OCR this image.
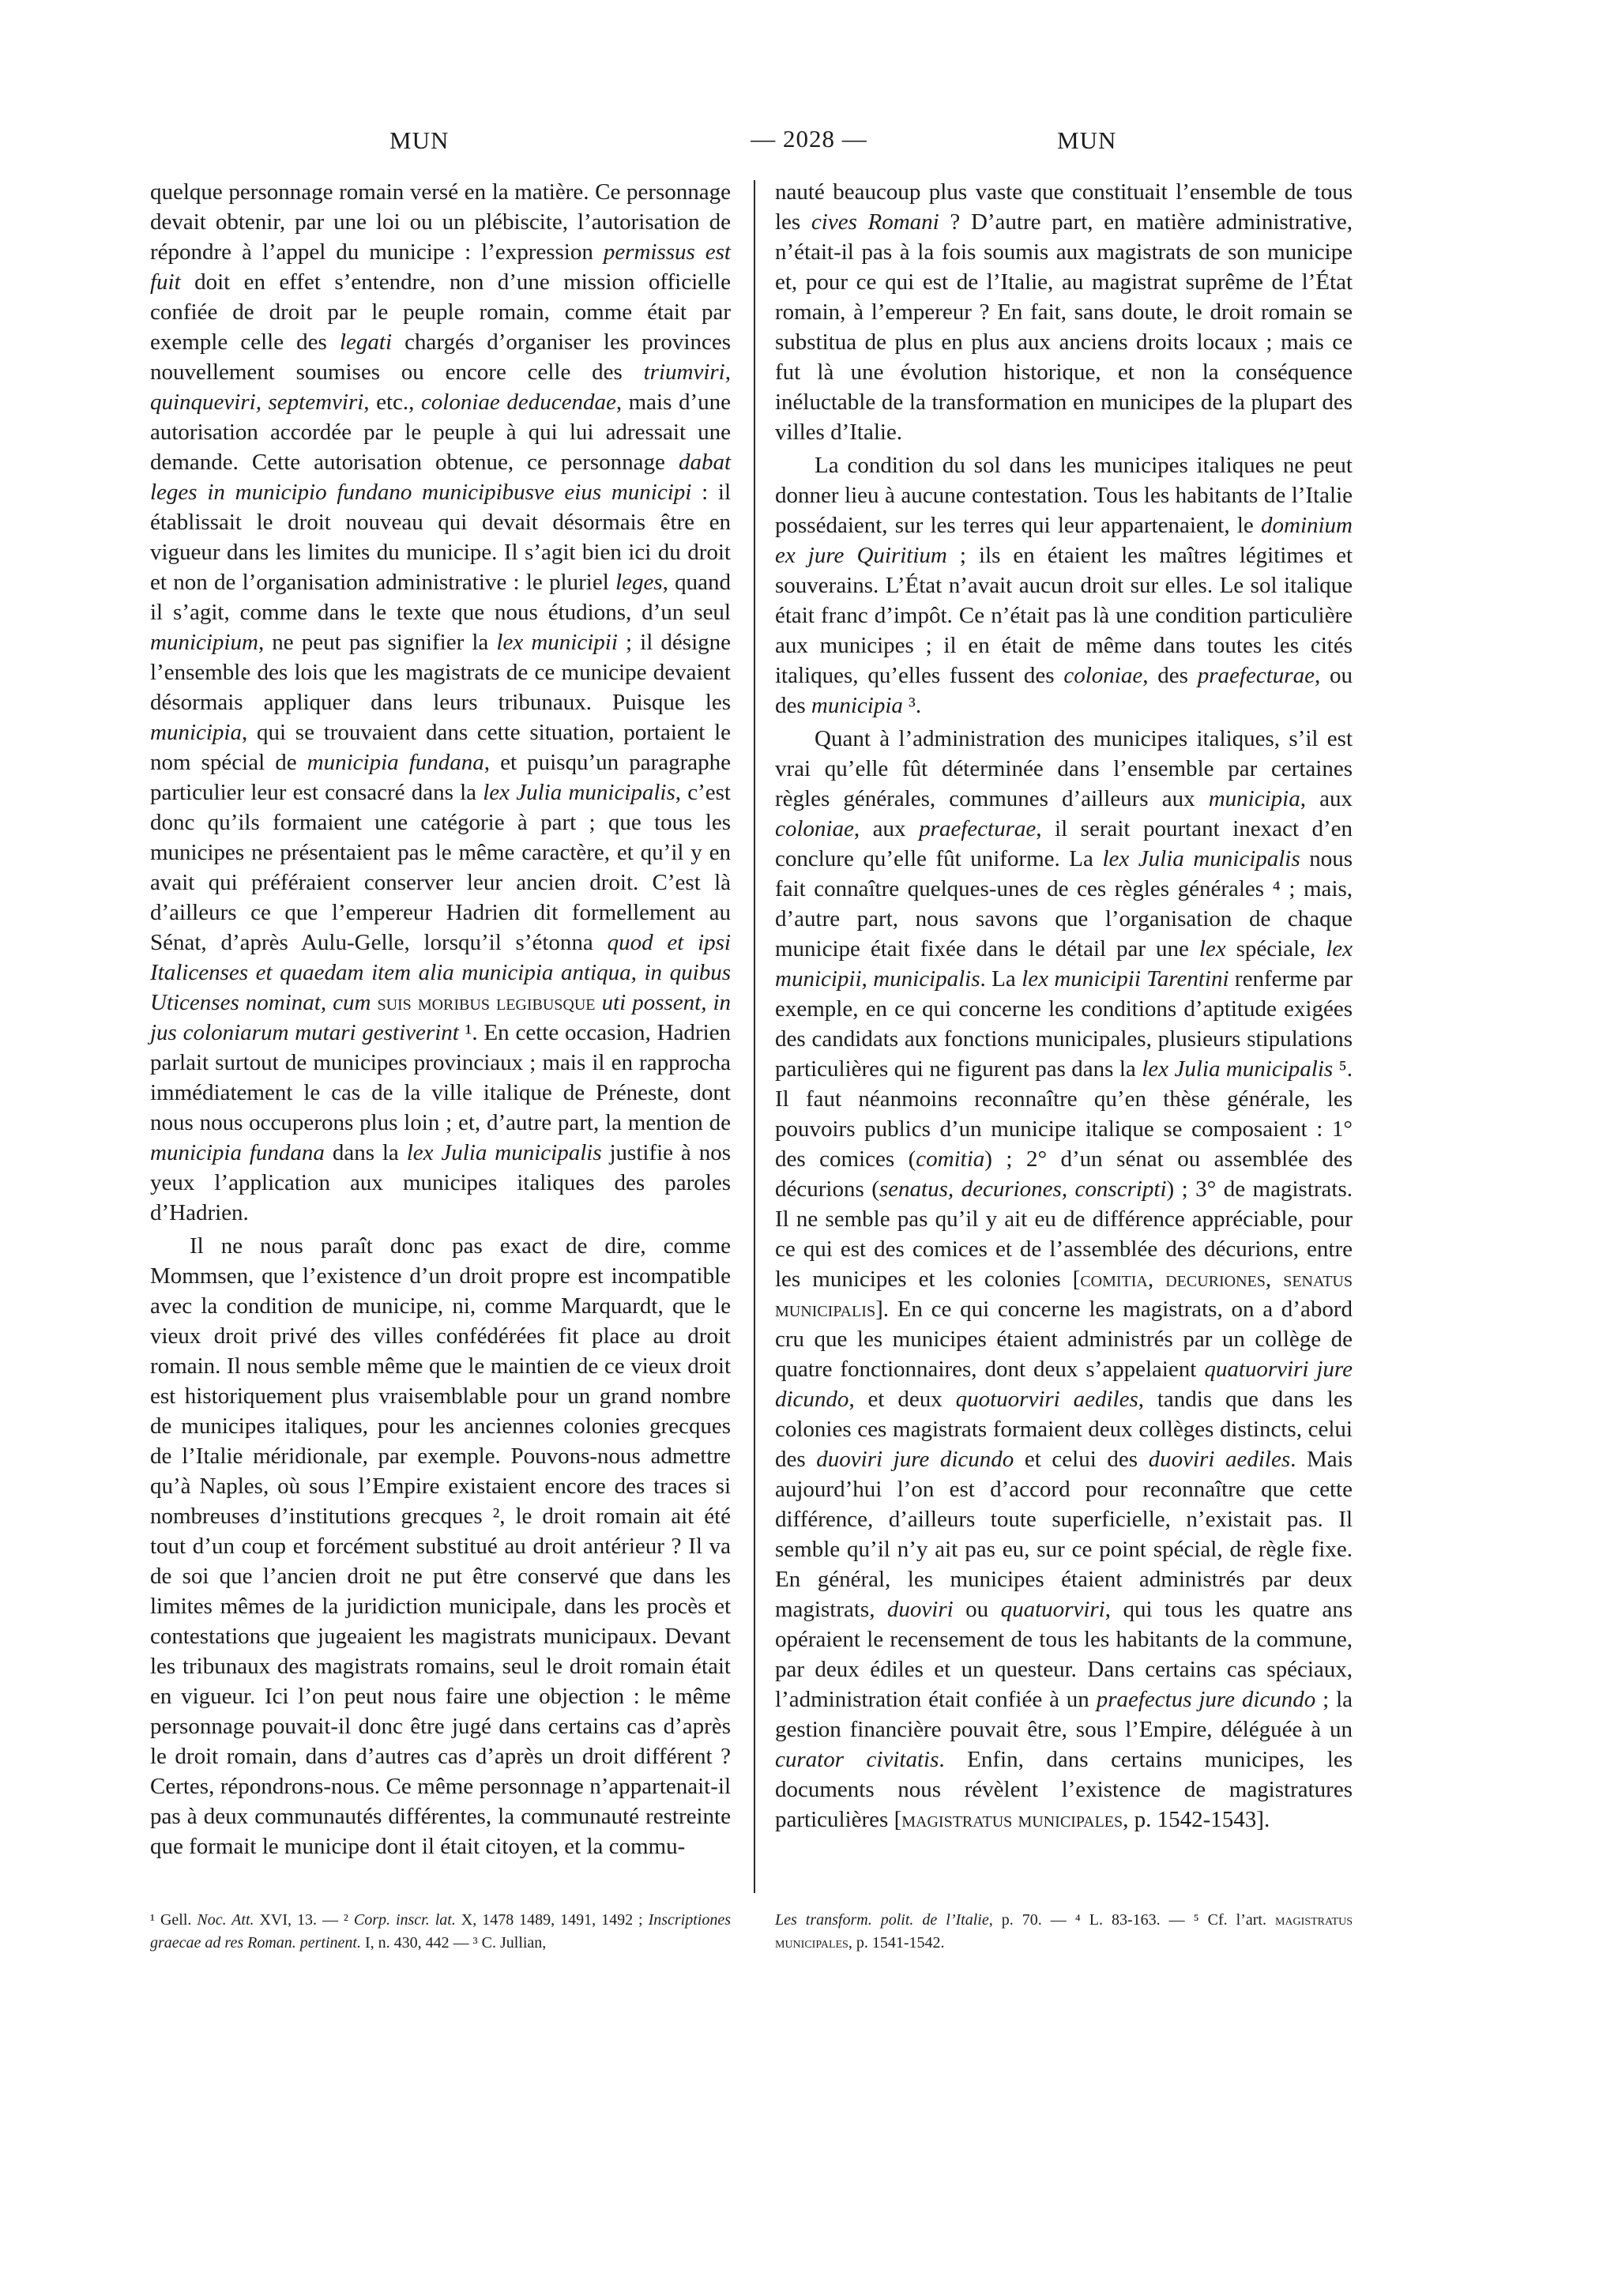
MUN	— 2028 —	MUN

quelque personnage romain versé en la matière. Ce personnage devait obtenir, par une loi ou un plébiscite, l’autorisation de répondre à l’appel du municipe : l’expression permissus est fuit doit en effet s’entendre, non d’une mission officielle confiée de droit par le peuple romain, comme était par exemple celle des legati chargés d’organiser les provinces nouvellement soumises ou encore celle des triumviri, quinqueviri, septemviri, etc., coloniae deducendae, mais d’une autorisation accordée par le peuple à qui lui adressait une demande. Cette autorisation obtenue, ce personnage dabat leges in municipio fundano municipibusve eius municipi : il établissait le droit nouveau qui devait désormais être en vigueur dans les limites du municipe. Il s’agit bien ici du droit et non de l’organisation administrative : le pluriel leges, quand il s’agit, comme dans le texte que nous étudions, d’un seul municipium, ne peut pas signifier la lex municipii ; il désigne l’ensemble des lois que les magistrats de ce municipe devaient désormais appliquer dans leurs tribunaux. Puisque les municipia, qui se trouvaient dans cette situation, portaient le nom spécial de municipia fundana, et puisqu’un paragraphe particulier leur est consacré dans la lex Julia municipalis, c’est donc qu’ils formaient une catégorie à part ; que tous les municipes ne présentaient pas le même caractère, et qu’il y en avait qui préféraient conserver leur ancien droit. C’est là d’ailleurs ce que l’empereur Hadrien dit formellement au Sénat, d’après Aulu-Gelle, lorsqu’il s’étonna quod et ipsi Italicenses et quaedam item alia municipia antiqua, in quibus Uticenses nominat, cum suis moribus legibusque uti possent, in jus coloniarum mutari gestiverint ¹. En cette occasion, Hadrien parlait surtout de municipes provinciaux ; mais il en rapprocha immédiatement le cas de la ville italique de Préneste, dont nous nous occuperons plus loin ; et, d’autre part, la mention de municipia fundana dans la lex Julia municipalis justifie à nos yeux l’application aux municipes italiques des paroles d’Hadrien.

Il ne nous paraît donc pas exact de dire, comme Mommsen, que l’existence d’un droit propre est incompatible avec la condition de municipe, ni, comme Marquardt, que le vieux droit privé des villes confédérées fit place au droit romain. Il nous semble même que le maintien de ce vieux droit est historiquement plus vraisemblable pour un grand nombre de municipes italiques, pour les anciennes colonies grecques de l’Italie méridionale, par exemple. Pouvons-nous admettre qu’à Naples, où sous l’Empire existaient encore des traces si nombreuses d’institutions grecques ², le droit romain ait été tout d’un coup et forcément substitué au droit antérieur ? Il va de soi que l’ancien droit ne put être conservé que dans les limites mêmes de la juridiction municipale, dans les procès et contestations que jugeaient les magistrats municipaux. Devant les tribunaux des magistrats romains, seul le droit romain était en vigueur. Ici l’on peut nous faire une objection : le même personnage pouvait-il donc être jugé dans certains cas d’après le droit romain, dans d’autres cas d’après un droit différent ? Certes, répondrons-nous. Ce même personnage n’appartenait-il pas à deux communautés différentes, la communauté restreinte que formait le municipe dont il était citoyen, et la commu-

nauté beaucoup plus vaste que constituait l’ensemble de tous les cives Romani ? D’autre part, en matière administrative, n’était-il pas à la fois soumis aux magistrats de son municipe et, pour ce qui est de l’Italie, au magistrat suprême de l’État romain, à l’empereur ? En fait, sans doute, le droit romain se substitua de plus en plus aux anciens droits locaux ; mais ce fut là une évolution historique, et non la conséquence inéluctable de la transformation en municipes de la plupart des villes d’Italie.

La condition du sol dans les municipes italiques ne peut donner lieu à aucune contestation. Tous les habitants de l’Italie possédaient, sur les terres qui leur appartenaient, le dominium ex jure Quiritium ; ils en étaient les maîtres légitimes et souverains. L’État n’avait aucun droit sur elles. Le sol italique était franc d’impôt. Ce n’était pas là une condition particulière aux municipes ; il en était de même dans toutes les cités italiques, qu’elles fussent des coloniae, des praefecturae, ou des municipia ³.

Quant à l’administration des municipes italiques, s’il est vrai qu’elle fût déterminée dans l’ensemble par certaines règles générales, communes d’ailleurs aux municipia, aux coloniae, aux praefecturae, il serait pourtant inexact d’en conclure qu’elle fût uniforme. La lex Julia municipalis nous fait connaître quelques-unes de ces règles générales ⁴ ; mais, d’autre part, nous savons que l’organisation de chaque municipe était fixée dans le détail par une lex spéciale, lex municipii, municipalis. La lex municipii Tarentini renferme par exemple, en ce qui concerne les conditions d’aptitude exigées des candidats aux fonctions municipales, plusieurs stipulations particulières qui ne figurent pas dans la lex Julia municipalis ⁵. Il faut néanmoins reconnaître qu’en thèse générale, les pouvoirs publics d’un municipe italique se composaient : 1° des comices (comitia) ; 2° d’un sénat ou assemblée des décurions (senatus, decuriones, conscripti) ; 3° de magistrats. Il ne semble pas qu’il y ait eu de différence appréciable, pour ce qui est des comices et de l’assemblée des décurions, entre les municipes et les colonies [comitia, decuriones, senatus municipalis]. En ce qui concerne les magistrats, on a d’abord cru que les municipes étaient administrés par un collège de quatre fonctionnaires, dont deux s’appelaient quatuorviri jure dicundo, et deux quotuorviri aediles, tandis que dans les colonies ces magistrats formaient deux collèges distincts, celui des duoviri jure dicundo et celui des duoviri aediles. Mais aujourd’hui l’on est d’accord pour reconnaître que cette différence, d’ailleurs toute superficielle, n’existait pas. Il semble qu’il n’y ait pas eu, sur ce point spécial, de règle fixe. En général, les municipes étaient administrés par deux magistrats, duoviri ou quatuorviri, qui tous les quatre ans opéraient le recensement de tous les habitants de la commune, par deux édiles et un questeur. Dans certains cas spéciaux, l’administration était confiée à un praefectus jure dicundo ; la gestion financière pouvait être, sous l’Empire, déléguée à un curator civitatis. Enfin, dans certains municipes, les documents nous révèlent l’existence de magistratures particulières [magistratus municipales, p. 1542-1543].

¹ Gell. Noc. Att. XVI, 13. — ² Corp. inscr. lat. X, 1478 1489, 1491, 1492 ; Inscriptiones graecae ad res Roman. pertinent. I, n. 430, 442 — ³ C. Jullian,
Les transform. polit. de l’Italie, p. 70. — ⁴ L. 83-163. — ⁵ Cf. l’art. magistratus municipales, p. 1541-1542.
